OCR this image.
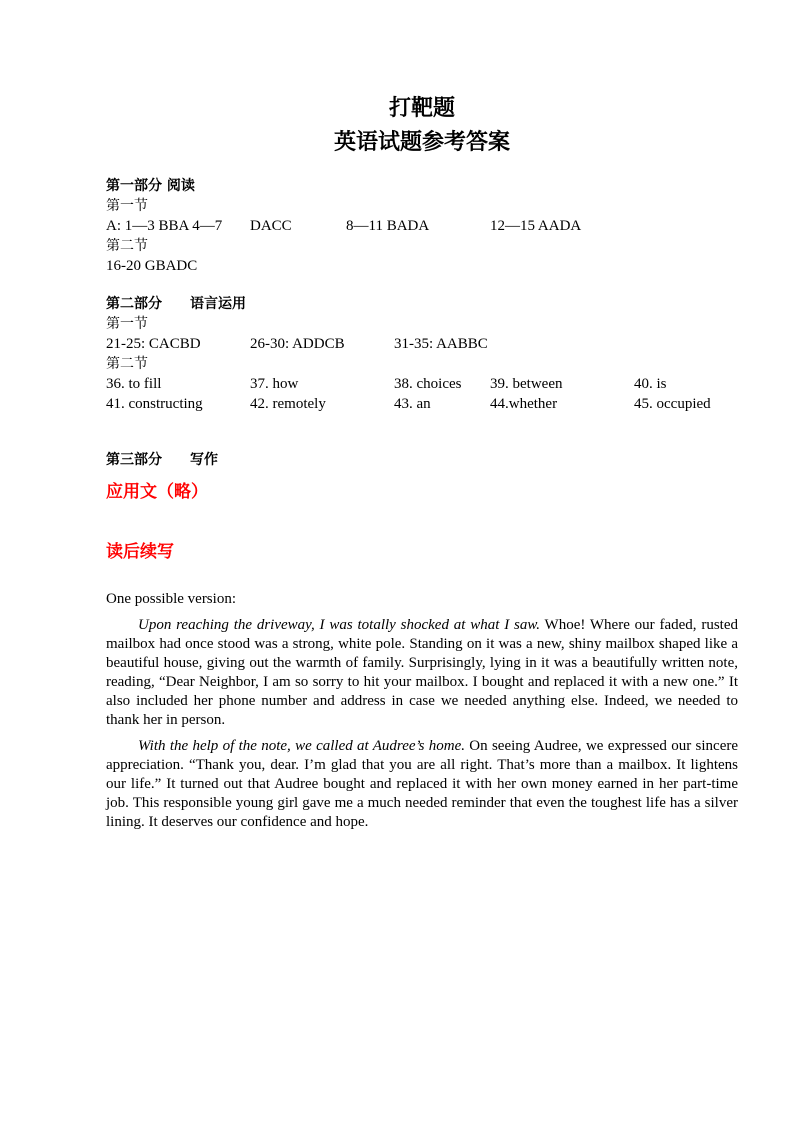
打靶题
英语试题参考答案

第一部分 阅读

第一节

A: 1—3 BBA 4—7 DACC	8—11 BADA	12—15 AADA

第二节

16-20 GBADC

第二部分 语言运用

第一节

21-25: CACBD	26-30: ADDCB	31-35: AABBC

第二节

36. to fill	37. how	38. choices 39. between	40. is
41. constructing	42. remotely	43. an	44.whether	45. occupied

第三部分 写作

应用文（略）

读后续写

One possible version:

Upon reaching the driveway, I was totally shocked at what I saw. Whoe! Where our faded, rusted mailbox had once stood was a strong, white pole. Standing on it was a new, shiny mailbox shaped like a beautiful house, giving out the warmth of family. Surprisingly, lying in it was a beautifully written note, reading, “Dear Neighbor, I am so sorry to hit your mailbox. I bought and replaced it with a new one.” It also included her phone number and address in case we needed anything else. Indeed, we needed to thank her in person.

With the help of the note, we called at Audree’s home. On seeing Audree, we expressed our sincere appreciation. “Thank you, dear. I’m glad that you are all right. That’s more than a mailbox. It lightens our life.” It turned out that Audree bought and replaced it with her own money earned in her part-time job. This responsible young girl gave me a much needed reminder that even the toughest life has a silver lining. It deserves our confidence and hope.
